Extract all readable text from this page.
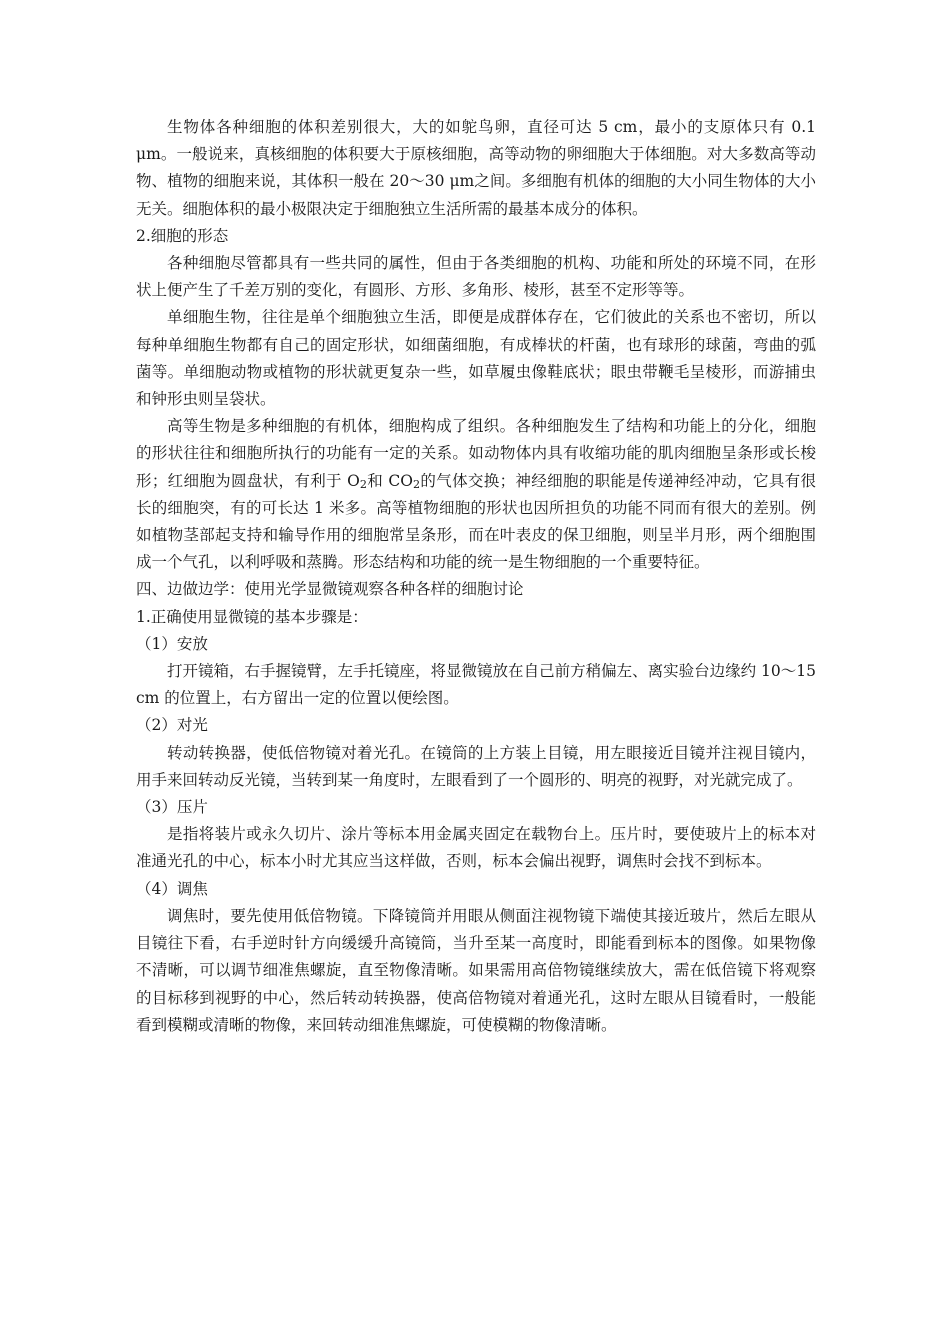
生物体各种细胞的体积差别很大，大的如鸵鸟卵，直径可达 5 cm，最小的支原体只有 0.1 μm。一般说来，真核细胞的体积要大于原核细胞，高等动物的卵细胞大于体细胞。对大多数高等动物、植物的细胞来说，其体积一般在 20～30 μm之间。多细胞有机体的细胞的大小同生物体的大小无关。细胞体积的最小极限决定于细胞独立生活所需的最基本成分的体积。

2.细胞的形态

各种细胞尽管都具有一些共同的属性，但由于各类细胞的机构、功能和所处的环境不同，在形状上便产生了千差万别的变化，有圆形、方形、多角形、棱形，甚至不定形等等。

单细胞生物，往往是单个细胞独立生活，即便是成群体存在，它们彼此的关系也不密切，所以每种单细胞生物都有自己的固定形状，如细菌细胞，有成棒状的杆菌，也有球形的球菌，弯曲的弧菌等。单细胞动物或植物的形状就更复杂一些，如草履虫像鞋底状；眼虫带鞭毛呈棱形，而游捕虫和钟形虫则呈袋状。

高等生物是多种细胞的有机体，细胞构成了组织。各种细胞发生了结构和功能上的分化，细胞的形状往往和细胞所执行的功能有一定的关系。如动物体内具有收缩功能的肌肉细胞呈条形或长梭形；红细胞为圆盘状，有利于 $O_2$和 $CO_2$的气体交换；神经细胞的职能是传递神经冲动，它具有很长的细胞突，有的可长达 1 米多。高等植物细胞的形状也因所担负的功能不同而有很大的差别。例如植物茎部起支持和输导作用的细胞常呈条形，而在叶表皮的保卫细胞，则呈半月形，两个细胞围成一个气孔，以利呼吸和蒸腾。形态结构和功能的统一是生物细胞的一个重要特征。

四、边做边学：使用光学显微镜观察各种各样的细胞讨论

1.正确使用显微镜的基本步骤是：

（1）安放

打开镜箱，右手握镜臂，左手托镜座，将显微镜放在自己前方稍偏左、离实验台边缘约 10～15 cm 的位置上，右方留出一定的位置以便绘图。

（2）对光

转动转换器，使低倍物镜对着光孔。在镜筒的上方装上目镜，用左眼接近目镜并注视目镜内，用手来回转动反光镜，当转到某一角度时，左眼看到了一个圆形的、明亮的视野，对光就完成了。

（3）压片

是指将装片或永久切片、涂片等标本用金属夹固定在载物台上。压片时，要使玻片上的标本对准通光孔的中心，标本小时尤其应当这样做，否则，标本会偏出视野，调焦时会找不到标本。

（4）调焦

调焦时，要先使用低倍物镜。下降镜筒并用眼从侧面注视物镜下端使其接近玻片，然后左眼从目镜往下看，右手逆时针方向缓缓升高镜筒，当升至某一高度时，即能看到标本的图像。如果物像不清晰，可以调节细准焦螺旋，直至物像清晰。如果需用高倍物镜继续放大，需在低倍镜下将观察的目标移到视野的中心，然后转动转换器，使高倍物镜对着通光孔，这时左眼从目镜看时，一般能看到模糊或清晰的物像，来回转动细准焦螺旋，可使模糊的物像清晰。
